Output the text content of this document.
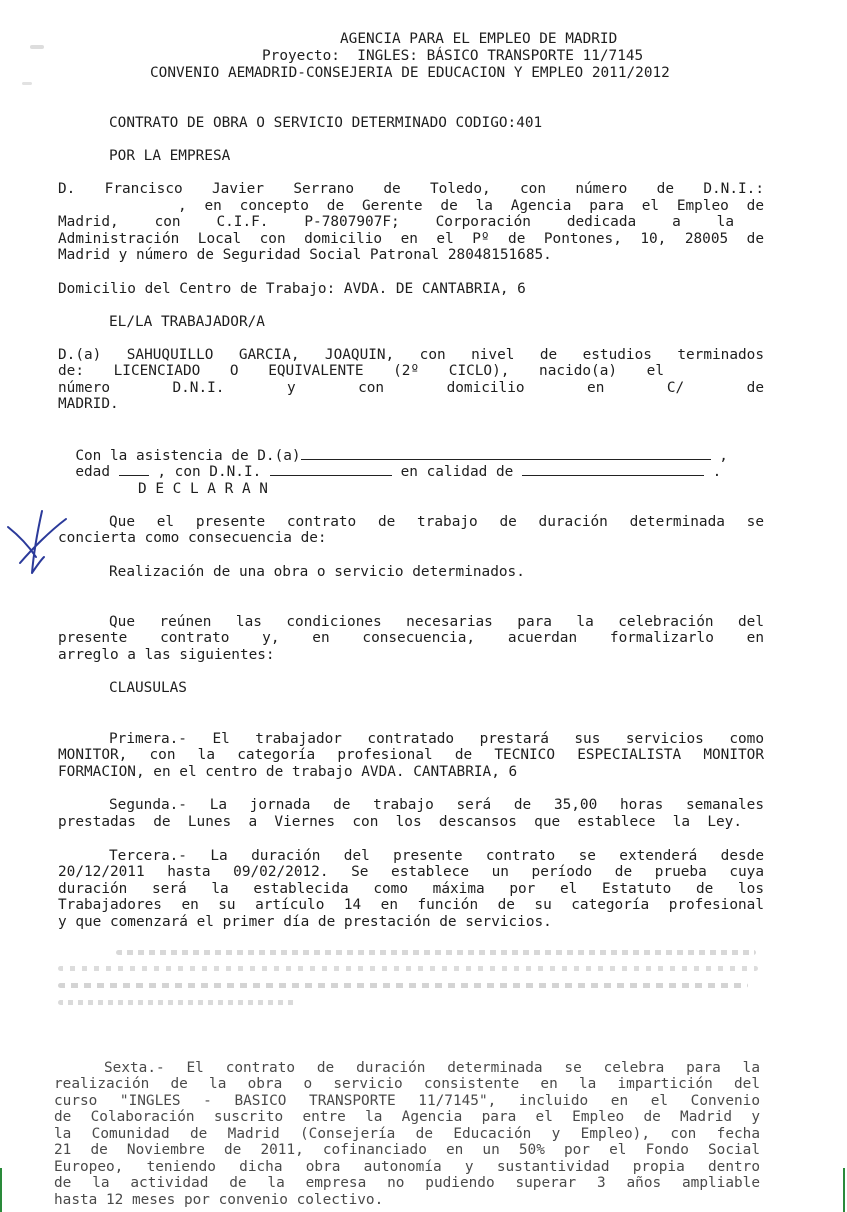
AGENCIA PARA EL EMPLEO DE MADRID
Proyecto:  INGLES: BÁSICO TRANSPORTE 11/7145
CONVENIO AEMADRID-CONSEJERIA DE EDUCACION Y EMPLEO 2011/2012
CONTRATO DE OBRA O SERVICIO DETERMINADO CODIGO:401
POR LA EMPRESA
D. Francisco Javier Serrano de Toledo, con número de D.N.I.:
, en concepto de Gerente de la Agencia para el Empleo de
Madrid, con C.I.F. P-7807907F; Corporación dedicada a la
Administración Local con domicilio en el Pº de Pontones, 10, 28005 de
Madrid y número de Seguridad Social Patronal 28048151685.
Domicilio del Centro de Trabajo: AVDA. DE CANTABRIA, 6
EL/LA TRABAJADOR/A
D.(a) SAHUQUILLO GARCIA, JOAQUIN, con nivel de estudios terminados
de: LICENCIADO O EQUIVALENTE (2º CICLO), nacido(a) el
número D.N.I. y con domicilio en C/ de
MADRID.

Con la asistencia de D.(a)	,

edad	, con D.N.I.	en calidad de	.

D E C L A R A N
Que el presente contrato de trabajo de duración determinada se
concierta como consecuencia de:
Realización de una obra o servicio determinados.
Que reúnen las condiciones necesarias para la celebración del
presente contrato y, en consecuencia, acuerdan formalizarlo en
arreglo a las siguientes:
CLAUSULAS
Primera.- El trabajador contratado prestará sus servicios como
MONITOR, con la categoría profesional de TECNICO ESPECIALISTA MONITOR
FORMACION, en el centro de trabajo AVDA. CANTABRIA, 6
Segunda.- La jornada de trabajo será de 35,00 horas semanales
prestadas de Lunes a Viernes con los descansos que establece la Ley.
Tercera.- La duración del presente contrato se extenderá desde
20/12/2011 hasta 09/02/2012. Se establece un período de prueba cuya
duración será la establecida como máxima por el Estatuto de los
Trabajadores en su artículo 14 en función de su categoría profesional
y que comenzará el primer día de prestación de servicios.
Sexta.- El contrato de duración determinada se celebra para la
realización de la obra o servicio consistente en la impartición del
curso "INGLES - BASICO TRANSPORTE 11/7145", incluido en el Convenio
de Colaboración suscrito entre la Agencia para el Empleo de Madrid y
la Comunidad de Madrid (Consejería de Educación y Empleo), con fecha
21 de Noviembre de 2011, cofinanciado en un 50% por el Fondo Social
Europeo, teniendo dicha obra autonomía y sustantividad propia dentro
de la actividad de la empresa no pudiendo superar 3 años ampliable
hasta 12 meses por convenio colectivo.
